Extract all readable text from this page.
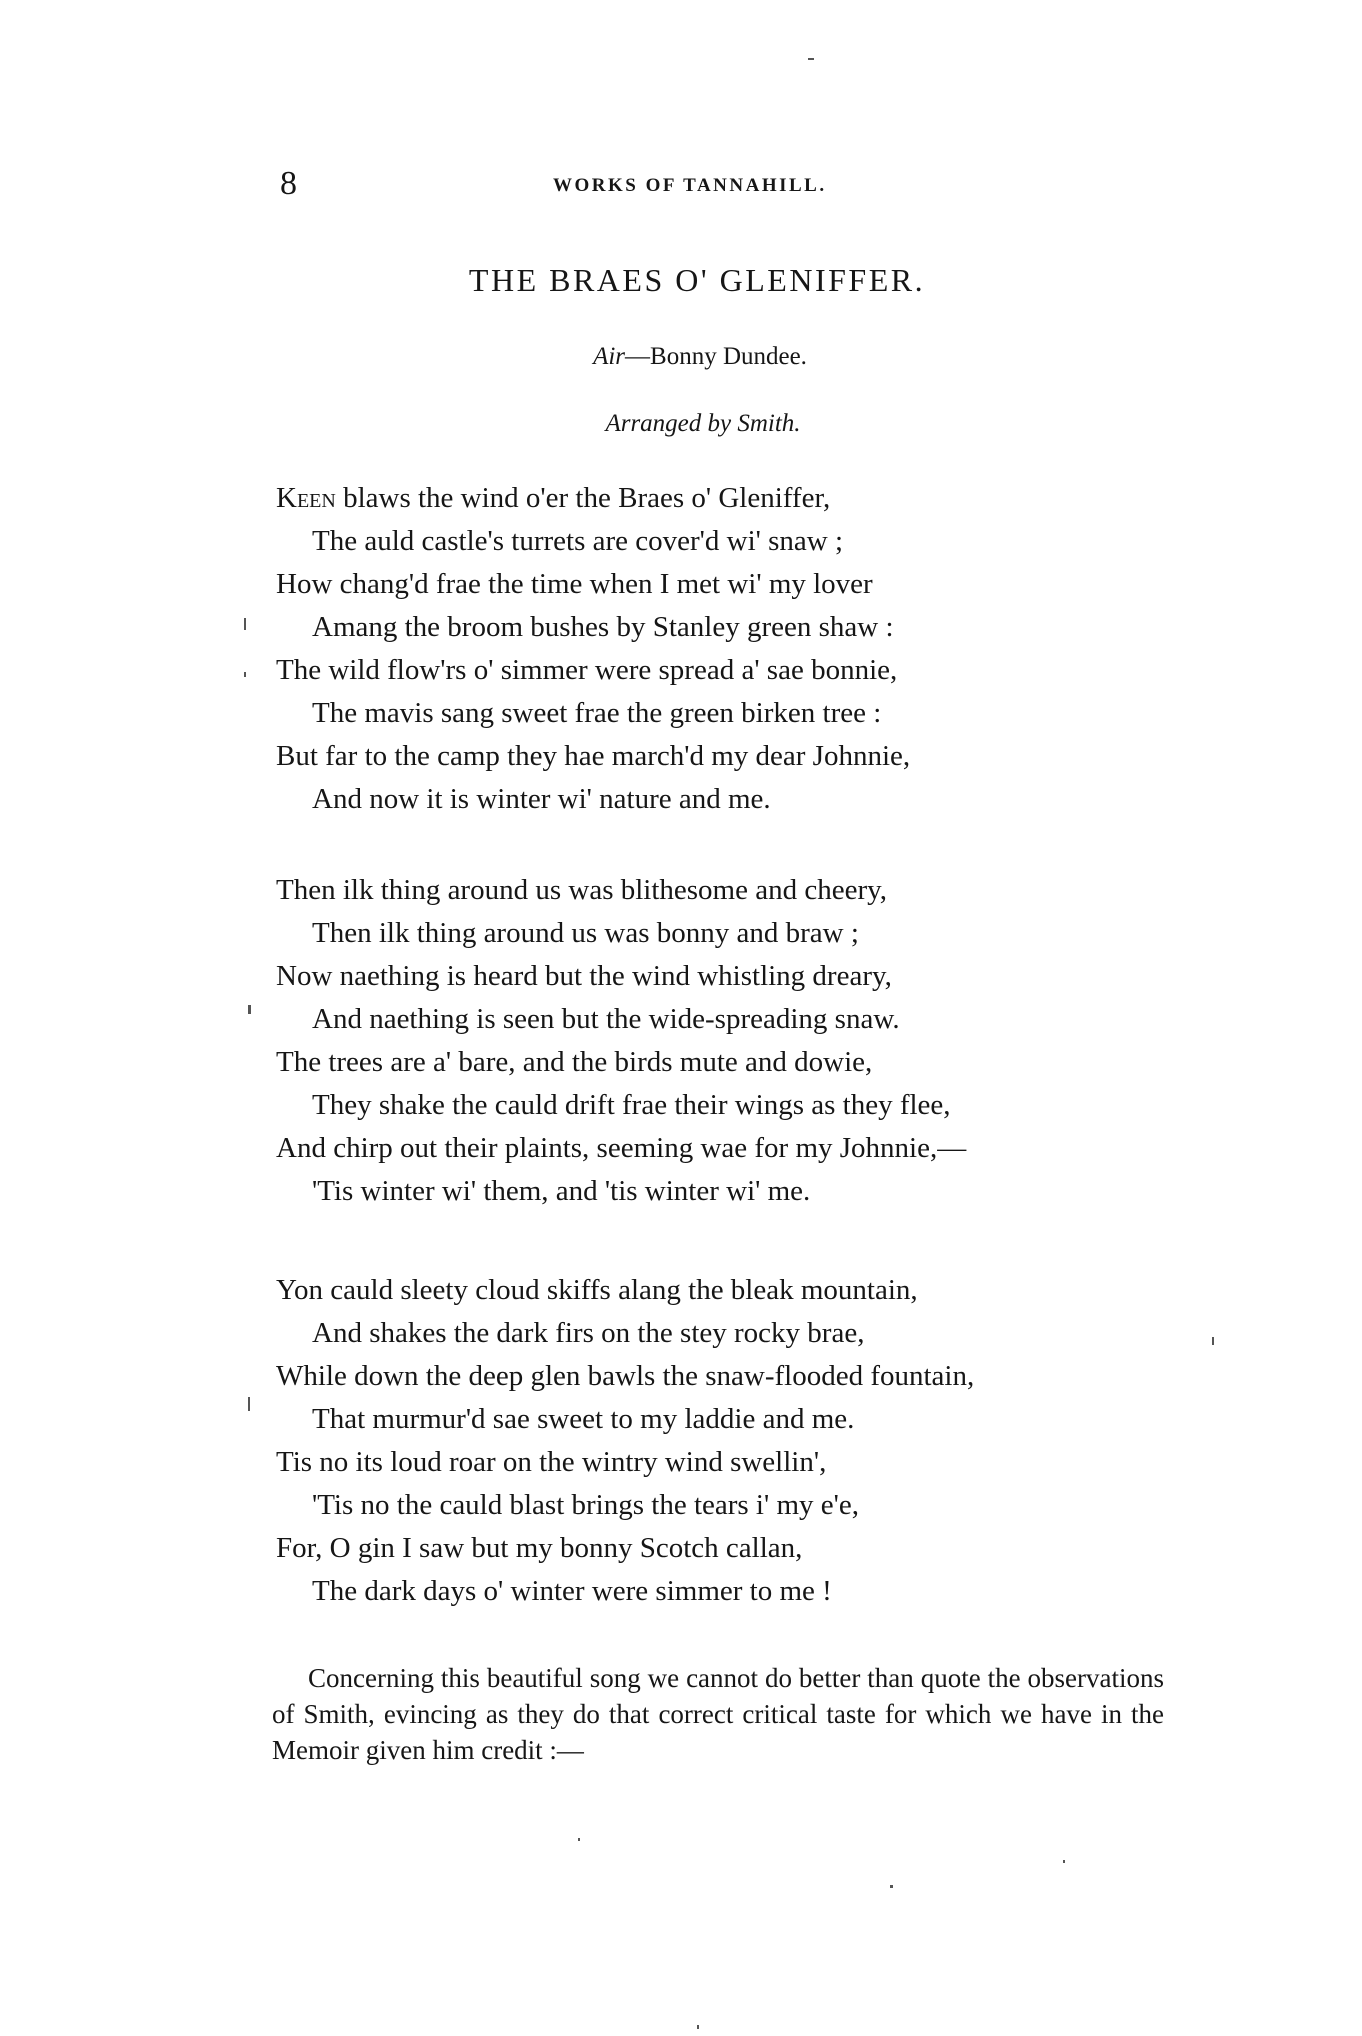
8	WORKS OF TANNAHILL.
THE BRAES O' GLENIFFER.
Air—Bonny Dundee.
Arranged by Smith.
Keen blaws the wind o'er the Braes o' Gleniffer,
The auld castle's turrets are cover'd wi' snaw ;
How chang'd frae the time when I met wi' my lover
Amang the broom bushes by Stanley green shaw :
The wild flow'rs o' simmer were spread a' sae bonnie,
The mavis sang sweet frae the green birken tree :
But far to the camp they hae march'd my dear Johnnie,
And now it is winter wi' nature and me.
Then ilk thing around us was blithesome and cheery,
Then ilk thing around us was bonny and braw ;
Now naething is heard but the wind whistling dreary,
And naething is seen but the wide-spreading snaw.
The trees are a' bare, and the birds mute and dowie,
They shake the cauld drift frae their wings as they flee,
And chirp out their plaints, seeming wae for my Johnnie,—
'Tis winter wi' them, and 'tis winter wi' me.
Yon cauld sleety cloud skiffs alang the bleak mountain,
And shakes the dark firs on the stey rocky brae,
While down the deep glen bawls the snaw-flooded fountain,
That murmur'd sae sweet to my laddie and me.
Tis no its loud roar on the wintry wind swellin',
'Tis no the cauld blast brings the tears i' my e'e,
For, O gin I saw but my bonny Scotch callan,
The dark days o' winter were simmer to me !
Concerning this beautiful song we cannot do better than quote the observations of Smith, evincing as they do that correct critical taste for which we have in the Memoir given him credit :—
